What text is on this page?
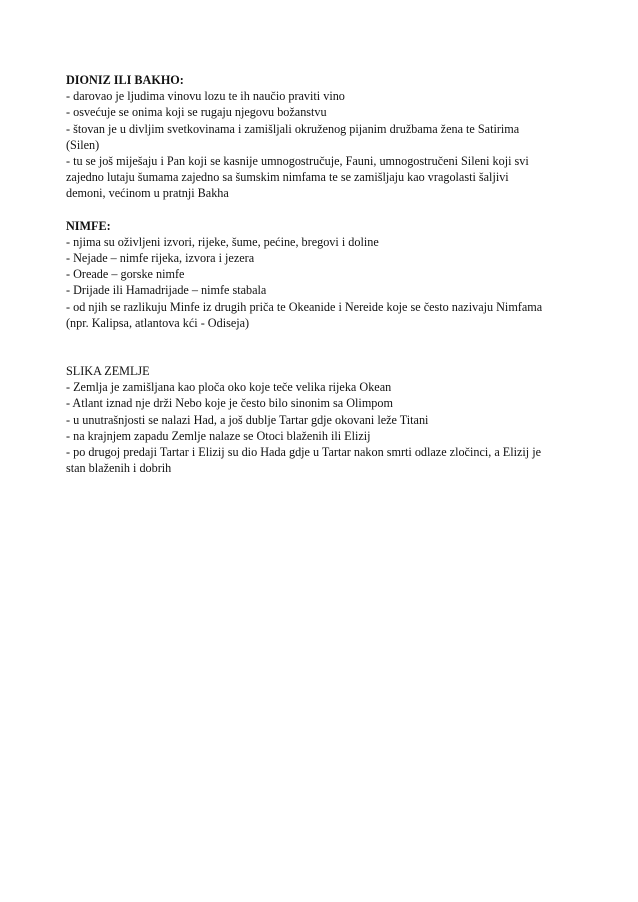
DIONIZ ILI BAKHO:

- darovao je ljudima vinovu lozu te ih naučio praviti vino

- osvećuje se onima koji se rugaju njegovu božanstvu

- štovan je u divljim svetkovinama i zamišljali okruženog pijanim družbama žena te Satirima (Silen)

- tu se još miješaju i Pan koji se kasnije umnogostručuje, Fauni, umnogostručeni Sileni koji svi zajedno lutaju šumama zajedno sa šumskim nimfama te se zamišljaju kao vragolasti šaljivi demoni, većinom u pratnji Bakha

NIMFE:

- njima su oživljeni izvori, rijeke, šume, pećine, bregovi i doline

- Nejade – nimfe rijeka, izvora i jezera

- Oreade – gorske nimfe

- Drijade ili Hamadrijade – nimfe stabala

- od njih se razlikuju Minfe iz drugih priča te Okeanide i Nereide koje se često nazivaju Nimfama (npr. Kalipsa, atlantova kći - Odiseja)

SLIKA ZEMLJE

- Zemlja je zamišljana kao ploča oko koje teče velika rijeka Okean

- Atlant iznad nje drži Nebo koje je često bilo sinonim sa Olimpom

- u unutrašnjosti se nalazi Had, a još dublje Tartar gdje okovani leže Titani

- na krajnjem zapadu Zemlje nalaze se Otoci blaženih ili Elizij

- po drugoj predaji Tartar i Elizij su dio Hada gdje u Tartar nakon smrti odlaze zločinci, a Elizij je stan blaženih i dobrih
